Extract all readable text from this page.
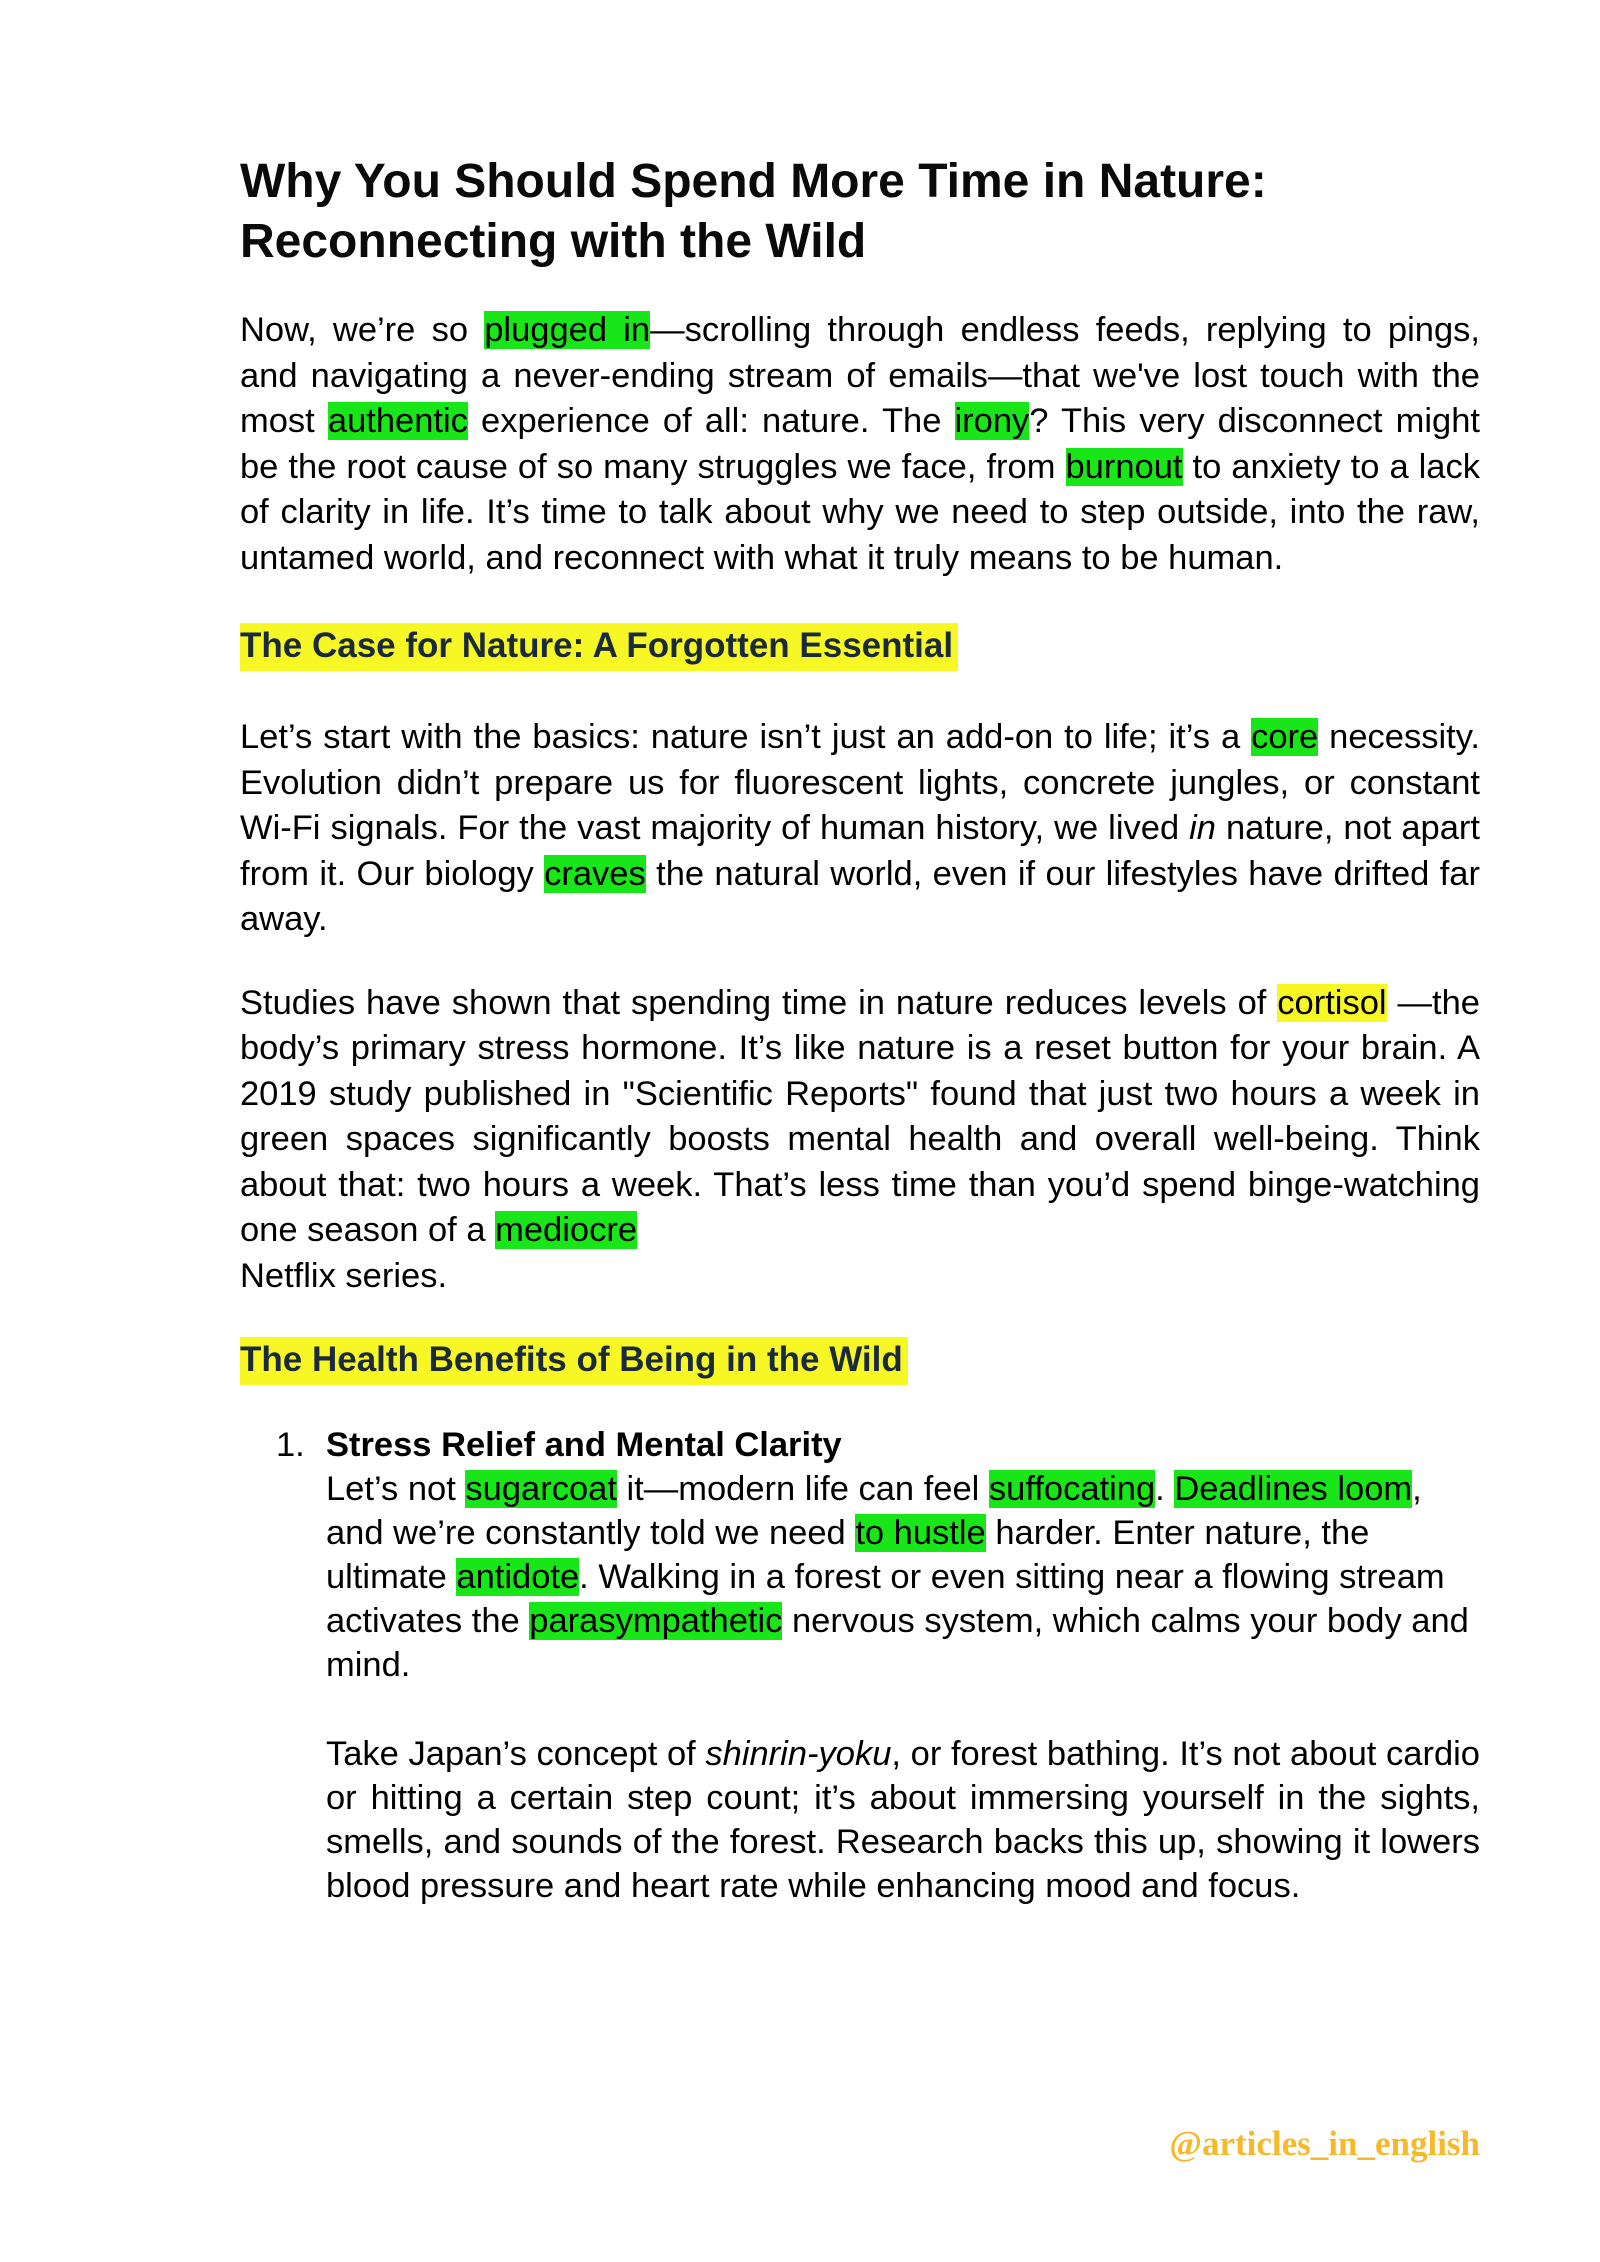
Why You Should Spend More Time in Nature:
Reconnecting with the Wild

Now, we’re so plugged in—scrolling through endless feeds, replying to pings, and navigating a never-ending stream of emails—that we've lost touch with the most authentic experience of all: nature. The irony? This very disconnect might be the root cause of so many struggles we face, from burnout to anxiety to a lack of clarity in life. It’s time to talk about why we need to step outside, into the raw, untamed world, and reconnect with what it truly means to be human.

The Case for Nature: A Forgotten Essential

Let’s start with the basics: nature isn’t just an add-on to life; it’s a core necessity. Evolution didn’t prepare us for fluorescent lights, concrete jungles, or constant Wi-Fi signals. For the vast majority of human history, we lived in nature, not apart from it. Our biology craves the natural world, even if our lifestyles have drifted far away.

Studies have shown that spending time in nature reduces levels of cortisol —the body’s primary stress hormone. It’s like nature is a reset button for your brain. A 2019 study published in "Scientific Reports" found that just two hours a week in green spaces significantly boosts mental health and overall well-being. Think about that: two hours a week. That’s less time than you’d spend binge-watching one season of a mediocre
Netflix series.

The Health Benefits of Being in the Wild
1. Stress Relief and Mental Clarity

Let’s not sugarcoat it—modern life can feel suffocating. Deadlines loom, and we’re constantly told we need to hustle harder. Enter nature, the ultimate antidote. Walking in a forest or even sitting near a flowing stream activates the parasympathetic nervous system, which calms your body and mind.

Take Japan’s concept of shinrin-yoku, or forest bathing. It’s not about cardio or hitting a certain step count; it’s about immersing yourself in the sights, smells, and sounds of the forest. Research backs this up, showing it lowers blood pressure and heart rate while enhancing mood and focus.

@articles_in_english
